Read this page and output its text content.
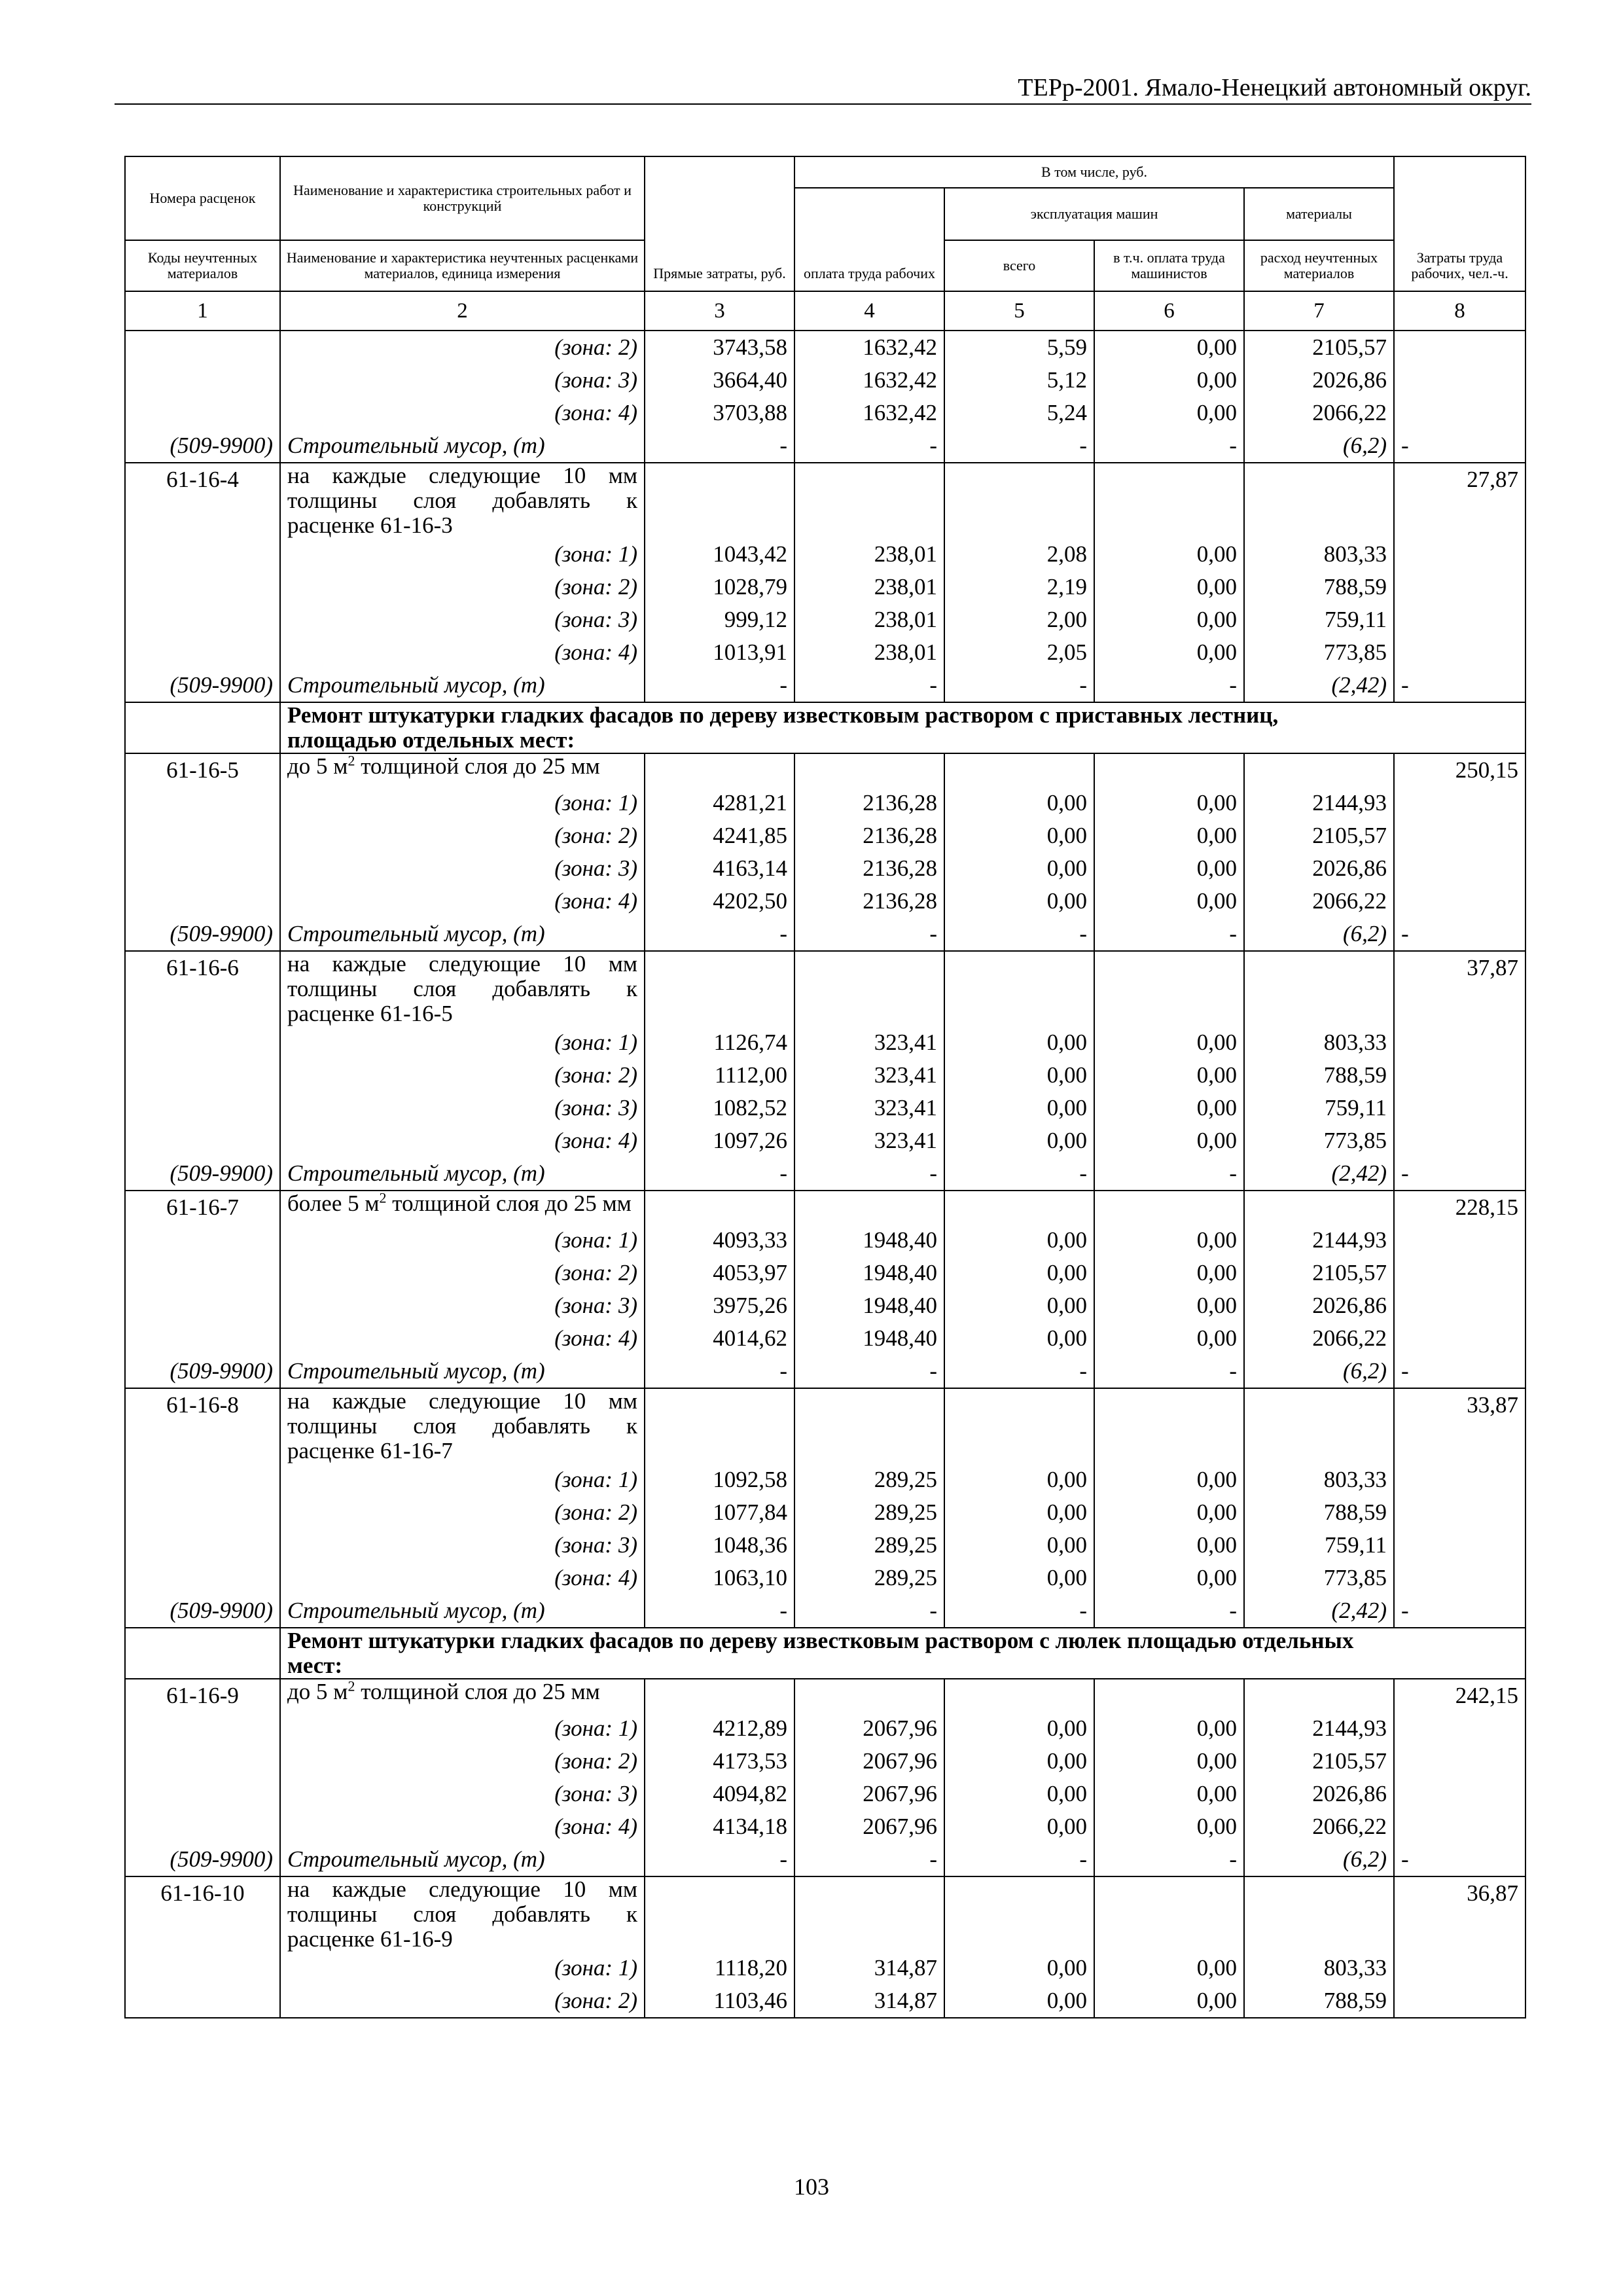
ТЕРр-2001. Ямало-Ненецкий автономный округ.
Номера расценок	Наименование и характеристика строительных работ и конструкций	Прямые затраты, руб.	В том числе, руб.				Затраты труда рабочих, чел.-ч.
			оплата труда рабочих	эксплуатация машин		материалы	
Коды неучтенных материалов	Наименование и характеристика неучтенных расценками материалов, единица измерения			всего	в т.ч. оплата труда машинистов	расход неучтенных материалов	

1	2	3	4	5	6	7	8
	(зона: 2)	3743,58	1632,42	5,59	0,00	2105,57	
	(зона: 3)	3664,40	1632,42	5,12	0,00	2026,86	
	(зона: 4)	3703,88	1632,42	5,24	0,00	2066,22	
(509-9900)	Строительный мусор, (т)	-	-	-	-	(6,2)	-
61-16-4	на каждые следующие 10 мм толщины слоя добавлять к расценке 61-16-3						27,87
	(зона: 1)	1043,42	238,01	2,08	0,00	803,33	
	(зона: 2)	1028,79	238,01	2,19	0,00	788,59	
	(зона: 3)	999,12	238,01	2,00	0,00	759,11	
	(зона: 4)	1013,91	238,01	2,05	0,00	773,85	
(509-9900)	Строительный мусор, (т)	-	-	-	-	(2,42)	-
	Ремонт штукатурки гладких фасадов по дереву известковым раствором с приставных лестниц, площадью отдельных мест:						
61-16-5	до 5 $м^2$ толщиной слоя до 25 мм						250,15
	(зона: 1)	4281,21	2136,28	0,00	0,00	2144,93	
	(зона: 2)	4241,85	2136,28	0,00	0,00	2105,57	
	(зона: 3)	4163,14	2136,28	0,00	0,00	2026,86	
	(зона: 4)	4202,50	2136,28	0,00	0,00	2066,22	
(509-9900)	Строительный мусор, (т)	-	-	-	-	(6,2)	-
61-16-6	на каждые следующие 10 мм толщины слоя добавлять к расценке 61-16-5						37,87
	(зона: 1)	1126,74	323,41	0,00	0,00	803,33	
	(зона: 2)	1112,00	323,41	0,00	0,00	788,59	
	(зона: 3)	1082,52	323,41	0,00	0,00	759,11	
	(зона: 4)	1097,26	323,41	0,00	0,00	773,85	
(509-9900)	Строительный мусор, (т)	-	-	-	-	(2,42)	-
61-16-7	более 5 $м^2$ толщиной слоя до 25 мм						228,15
	(зона: 1)	4093,33	1948,40	0,00	0,00	2144,93	
	(зона: 2)	4053,97	1948,40	0,00	0,00	2105,57	
	(зона: 3)	3975,26	1948,40	0,00	0,00	2026,86	
	(зона: 4)	4014,62	1948,40	0,00	0,00	2066,22	
(509-9900)	Строительный мусор, (т)	-	-	-	-	(6,2)	-
61-16-8	на каждые следующие 10 мм толщины слоя добавлять к расценке 61-16-7						33,87
	(зона: 1)	1092,58	289,25	0,00	0,00	803,33	
	(зона: 2)	1077,84	289,25	0,00	0,00	788,59	
	(зона: 3)	1048,36	289,25	0,00	0,00	759,11	
	(зона: 4)	1063,10	289,25	0,00	0,00	773,85	
(509-9900)	Строительный мусор, (т)	-	-	-	-	(2,42)	-
	Ремонт штукатурки гладких фасадов по дереву известковым раствором с люлек площадью отдельных мест:						
61-16-9	до 5 $м^2$ толщиной слоя до 25 мм						242,15
	(зона: 1)	4212,89	2067,96	0,00	0,00	2144,93	
	(зона: 2)	4173,53	2067,96	0,00	0,00	2105,57	
	(зона: 3)	4094,82	2067,96	0,00	0,00	2026,86	
	(зона: 4)	4134,18	2067,96	0,00	0,00	2066,22	
(509-9900)	Строительный мусор, (т)	-	-	-	-	(6,2)	-
61-16-10	на каждые следующие 10 мм толщины слоя добавлять к расценке 61-16-9						36,87
	(зона: 1)	1118,20	314,87	0,00	0,00	803,33	
	(зона: 2)	1103,46	314,87	0,00	0,00	788,59	
103
